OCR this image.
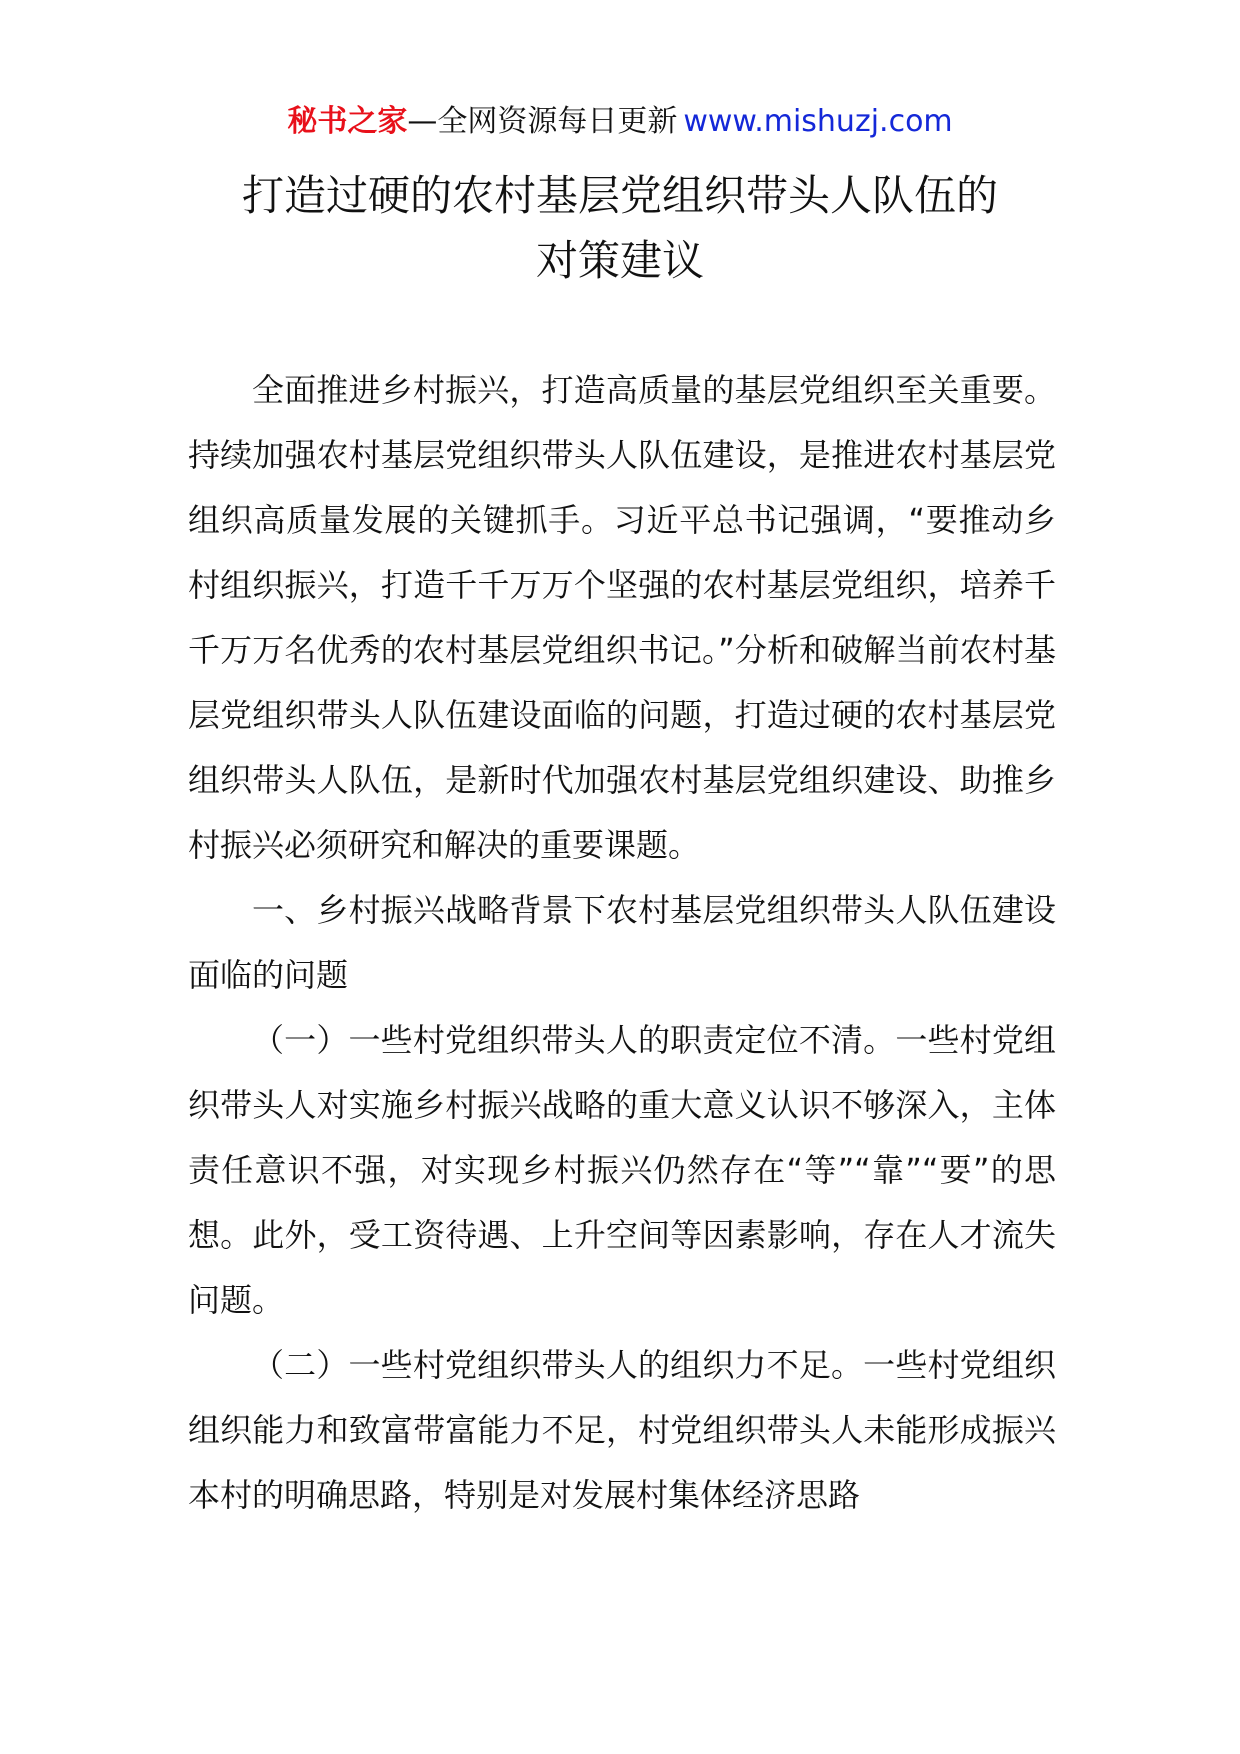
秘书之家—全网资源每日更新 www.mishuzj.com
打造过硬的农村基层党组织带头人队伍的
对策建议

全面推进乡村振兴，打造高质量的基层党组织至关重要。持续加强农村基层党组织带头人队伍建设，是推进农村基层党组织高质量发展的关键抓手。习近平总书记强调，“要推动乡村组织振兴，打造千千万万个坚强的农村基层党组织，培养千千万万名优秀的农村基层党组织书记。”分析和破解当前农村基层党组织带头人队伍建设面临的问题，打造过硬的农村基层党组织带头人队伍，是新时代加强农村基层党组织建设、助推乡村振兴必须研究和解决的重要课题。

一、乡村振兴战略背景下农村基层党组织带头人队伍建设面临的问题

（一）一些村党组织带头人的职责定位不清。一些村党组织带头人对实施乡村振兴战略的重大意义认识不够深入，主体责任意识不强，对实现乡村振兴仍然存在“等”“靠”“要”的思想。此外，受工资待遇、上升空间等因素影响，存在人才流失问题。

（二）一些村党组织带头人的组织力不足。一些村党组织组织能力和致富带富能力不足，村党组织带头人未能形成振兴本村的明确思路，特别是对发展村集体经济思路
